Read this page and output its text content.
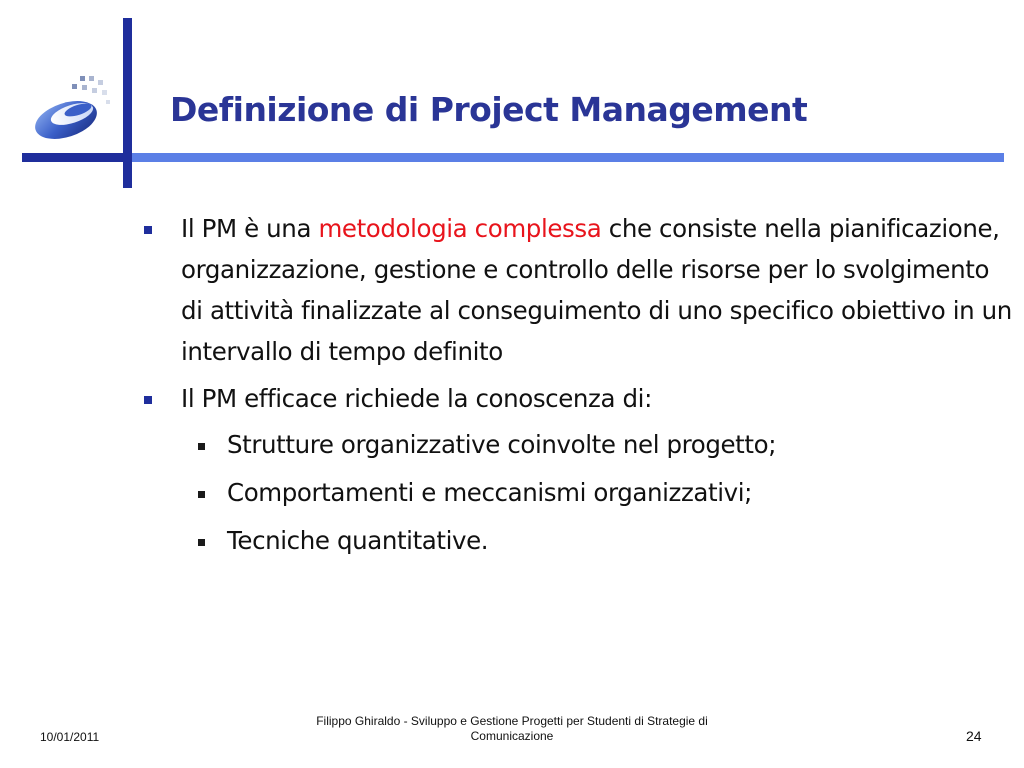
Definizione di Project Management
Il PM è una metodologia complessa che consiste nella pianificazione, organizzazione, gestione e controllo delle risorse per lo svolgimento di attività finalizzate al conseguimento di uno specifico obiettivo in un intervallo di tempo definito
Il PM efficace richiede la conoscenza di:
Strutture organizzative coinvolte nel progetto;
Comportamenti e meccanismi organizzativi;
Tecniche quantitative.
10/01/2011
Filippo Ghiraldo - Sviluppo e Gestione Progetti per Studenti di Strategie di
Comunicazione	24
